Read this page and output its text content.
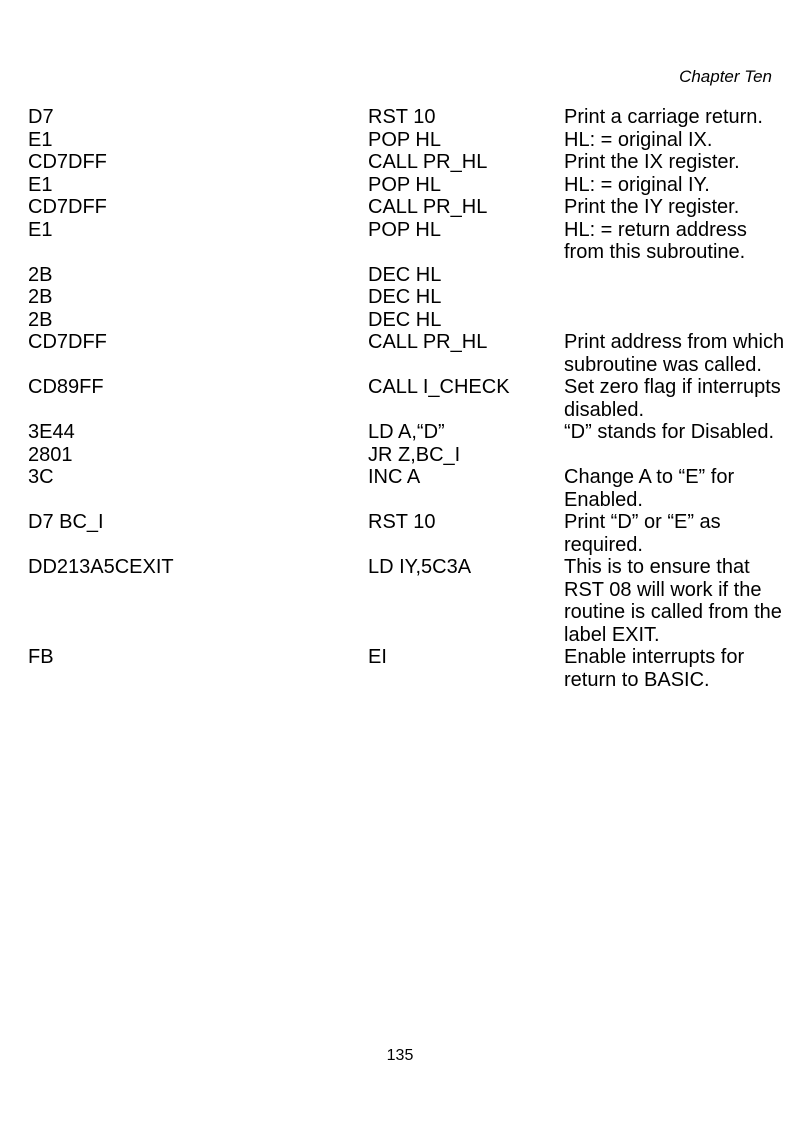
Chapter Ten
D7	RST 10	Print a carriage return.
E1	POP HL	HL: = original IX.
CD7DFF	CALL PR_HL	Print the IX register.
E1	POP HL	HL: = original IY.
CD7DFF	CALL PR_HL	Print the IY register.
E1	POP HL	HL: = return address from this subroutine.
2B	DEC HL
2B	DEC HL
2B	DEC HL
CD7DFF	CALL PR_HL	Print address from which subroutine was called.
CD89FF	CALL I_CHECK	Set zero flag if interrupts disabled.
3E44	LD A,“D”	“D” stands for Disabled.
2801	JR Z,BC_I
3C	INC A	Change A to “E” for Enabled.
D7 BC_I	RST 10	Print “D” or “E” as required.
DD213A5CEXIT	LD IY,5C3A	This is to ensure that RST 08 will work if the routine is called from the label EXIT.
FB	EI	Enable interrupts for return to BASIC.
135
